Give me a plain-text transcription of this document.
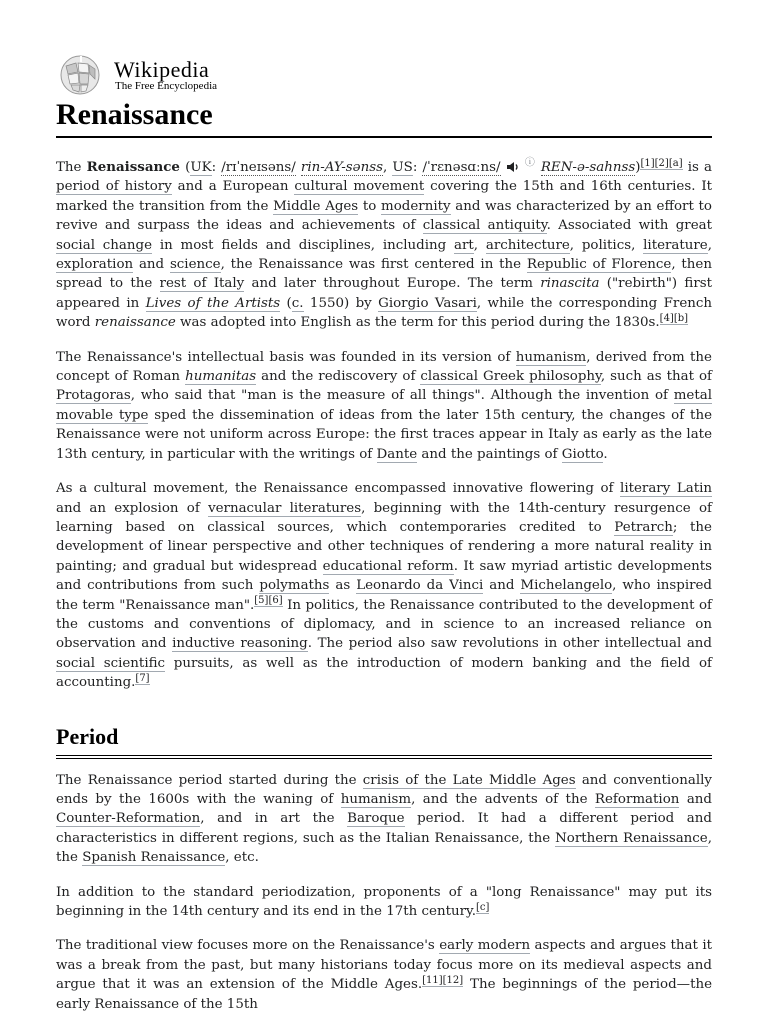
Wikipedia
The Free Encyclopedia
Renaissance

The Renaissance (UK: /rɪˈneɪsəns/ rin-AY-sənss, US: /ˈrɛnəsɑːns/ ⓘ REN-ə-sahnss)[1][2][a] is a period of history and a European cultural movement covering the 15th and 16th centuries. It marked the transition from the Middle Ages to modernity and was characterized by an effort to revive and surpass the ideas and achievements of classical antiquity. Associated with great social change in most fields and disciplines, including art, architecture, politics, literature, exploration and science, the Renaissance was first centered in the Republic of Florence, then spread to the rest of Italy and later throughout Europe. The term rinascita ("rebirth") first appeared in Lives of the Artists (c. 1550) by Giorgio Vasari, while the corresponding French word renaissance was adopted into English as the term for this period during the 1830s.[4][b]

The Renaissance's intellectual basis was founded in its version of humanism, derived from the concept of Roman humanitas and the rediscovery of classical Greek philosophy, such as that of Protagoras, who said that "man is the measure of all things". Although the invention of metal movable type sped the dissemination of ideas from the later 15th century, the changes of the Renaissance were not uniform across Europe: the first traces appear in Italy as early as the late 13th century, in particular with the writings of Dante and the paintings of Giotto.

As a cultural movement, the Renaissance encompassed innovative flowering of literary Latin and an explosion of vernacular literatures, beginning with the 14th-century resurgence of learning based on classical sources, which contemporaries credited to Petrarch; the development of linear perspective and other techniques of rendering a more natural reality in painting; and gradual but widespread educational reform. It saw myriad artistic developments and contributions from such polymaths as Leonardo da Vinci and Michelangelo, who inspired the term "Renaissance man".[5][6] In politics, the Renaissance contributed to the development of the customs and conventions of diplomacy, and in science to an increased reliance on observation and inductive reasoning. The period also saw revolutions in other intellectual and social scientific pursuits, as well as the introduction of modern banking and the field of accounting.[7]

Period

The Renaissance period started during the crisis of the Late Middle Ages and conventionally ends by the 1600s with the waning of humanism, and the advents of the Reformation and Counter-Reformation, and in art the Baroque period. It had a different period and characteristics in different regions, such as the Italian Renaissance, the Northern Renaissance, the Spanish Renaissance, etc.

In addition to the standard periodization, proponents of a "long Renaissance" may put its beginning in the 14th century and its end in the 17th century.[c]

The traditional view focuses more on the Renaissance's early modern aspects and argues that it was a break from the past, but many historians today focus more on its medieval aspects and argue that it was an extension of the Middle Ages.[11][12] The beginnings of the period—the early Renaissance of the 15th
